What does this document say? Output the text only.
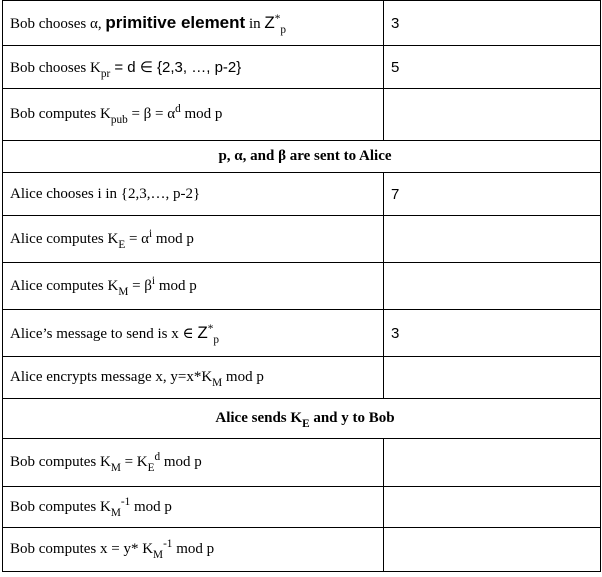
Bob chooses α, primitive element in $Z^*_p$	3
Bob chooses $K_{pr} = d$ ∈ {2,3, …, p-2}	5
Bob computes $K_{pub} = \beta = \alpha^d$ mod p	
p, α, and β are sent to Alice	
Alice chooses i in {2,3,…, p-2}	7
Alice computes $K_E = \alpha^i$ mod p	
Alice computes $K_M = \beta^i$ mod p	
Alice’s message to send is x ∈ $Z^*_p$	3
Alice encrypts message x, $y=x*K_M$ mod p	
Alice sends $K_E$ and y to Bob	
Bob computes $K_M = K_E^d$ mod p	
Bob computes $K_M^{-1}$ mod p	
Bob computes x = y* $K_M^{-1}$ mod p	
